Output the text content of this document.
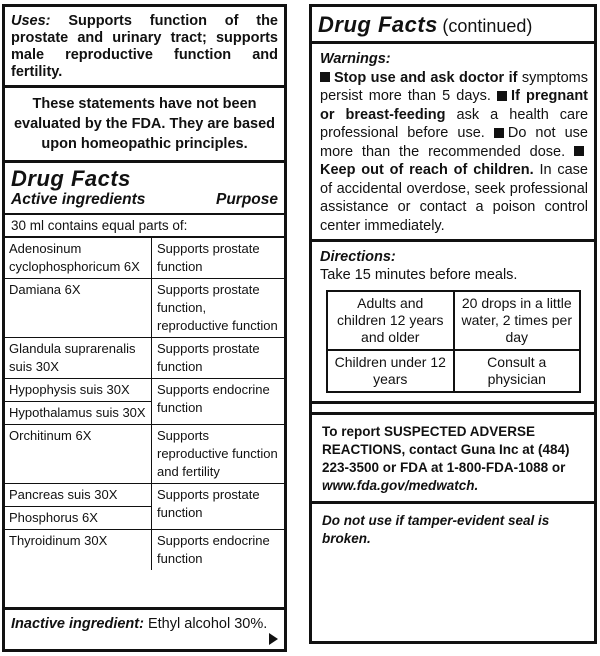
Uses: Supports function of the prostate and urinary tract; supports male reproductive function and fertility.
These statements have not been evaluated by the FDA. They are based upon homeopathic principles.
Drug Facts
Active ingredients	Purpose
30 ml contains equal parts of:
Adenosinum cyclophosphoricum 6X	Supports prostate function
Damiana 6X	Supports prostate function, reproductive function
Glandula suprarenalis suis 30X	Supports prostate function
Hypophysis suis 30X	Supports endocrine function
Hypothalamus suis 30X	
Orchitinum 6X	Supports reproductive function and fertility
Pancreas suis 30X	Supports prostate function
Phosphorus 6X	
Thyroidinum 30X	Supports endocrine function
Inactive ingredient: Ethyl alcohol 30%.
Drug Facts (continued)
Warnings:
Stop use and ask doctor if symptoms persist more than 5 days. If pregnant or breast-feeding ask a health care professional before use. Do not use more than the recommended dose. Keep out of reach of children. In case of accidental overdose, seek professional assistance or contact a poison control center immediately.
Directions:
Take 15 minutes before meals.
Adults and children 12 years and older	20 drops in a little water, 2 times per day
Children under 12 years	Consult a physician
To report SUSPECTED ADVERSE REACTIONS, contact Guna Inc at (484) 223-3500 or FDA at 1-800-FDA-1088 or www.fda.gov/medwatch.
Do not use if tamper-evident seal is broken.
